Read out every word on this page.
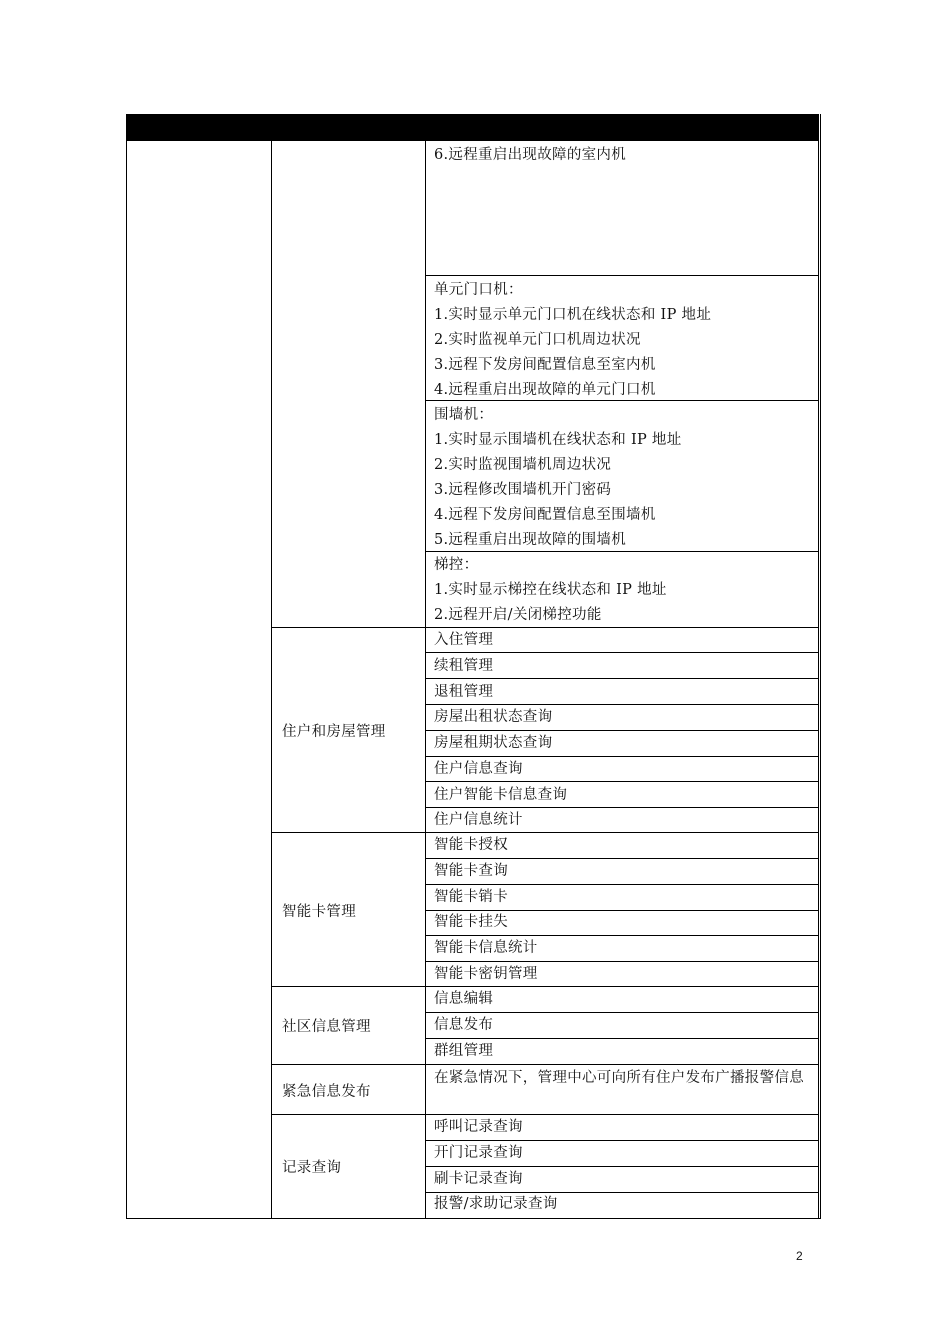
6.远程重启出现故障的室内机
单元门口机：
1.实时显示单元门口机在线状态和 IP 地址
2.实时监视单元门口机周边状况
3.远程下发房间配置信息至室内机
4.远程重启出现故障的单元门口机
围墙机：
1.实时显示围墙机在线状态和 IP 地址
2.实时监视围墙机周边状况
3.远程修改围墙机开门密码
4.远程下发房间配置信息至围墙机
5.远程重启出现故障的围墙机
梯控：
1.实时显示梯控在线状态和 IP 地址
2.远程开启/关闭梯控功能
住户和房屋管理
入住管理
续租管理
退租管理
房屋出租状态查询
房屋租期状态查询
住户信息查询
住户智能卡信息查询
住户信息统计
智能卡管理
智能卡授权
智能卡查询
智能卡销卡
智能卡挂失
智能卡信息统计
智能卡密钥管理
社区信息管理
信息编辑
信息发布
群组管理
紧急信息发布
在紧急情况下，管理中心可向所有住户发布广播报警信息
记录查询
呼叫记录查询
开门记录查询
刷卡记录查询
报警/求助记录查询
2
